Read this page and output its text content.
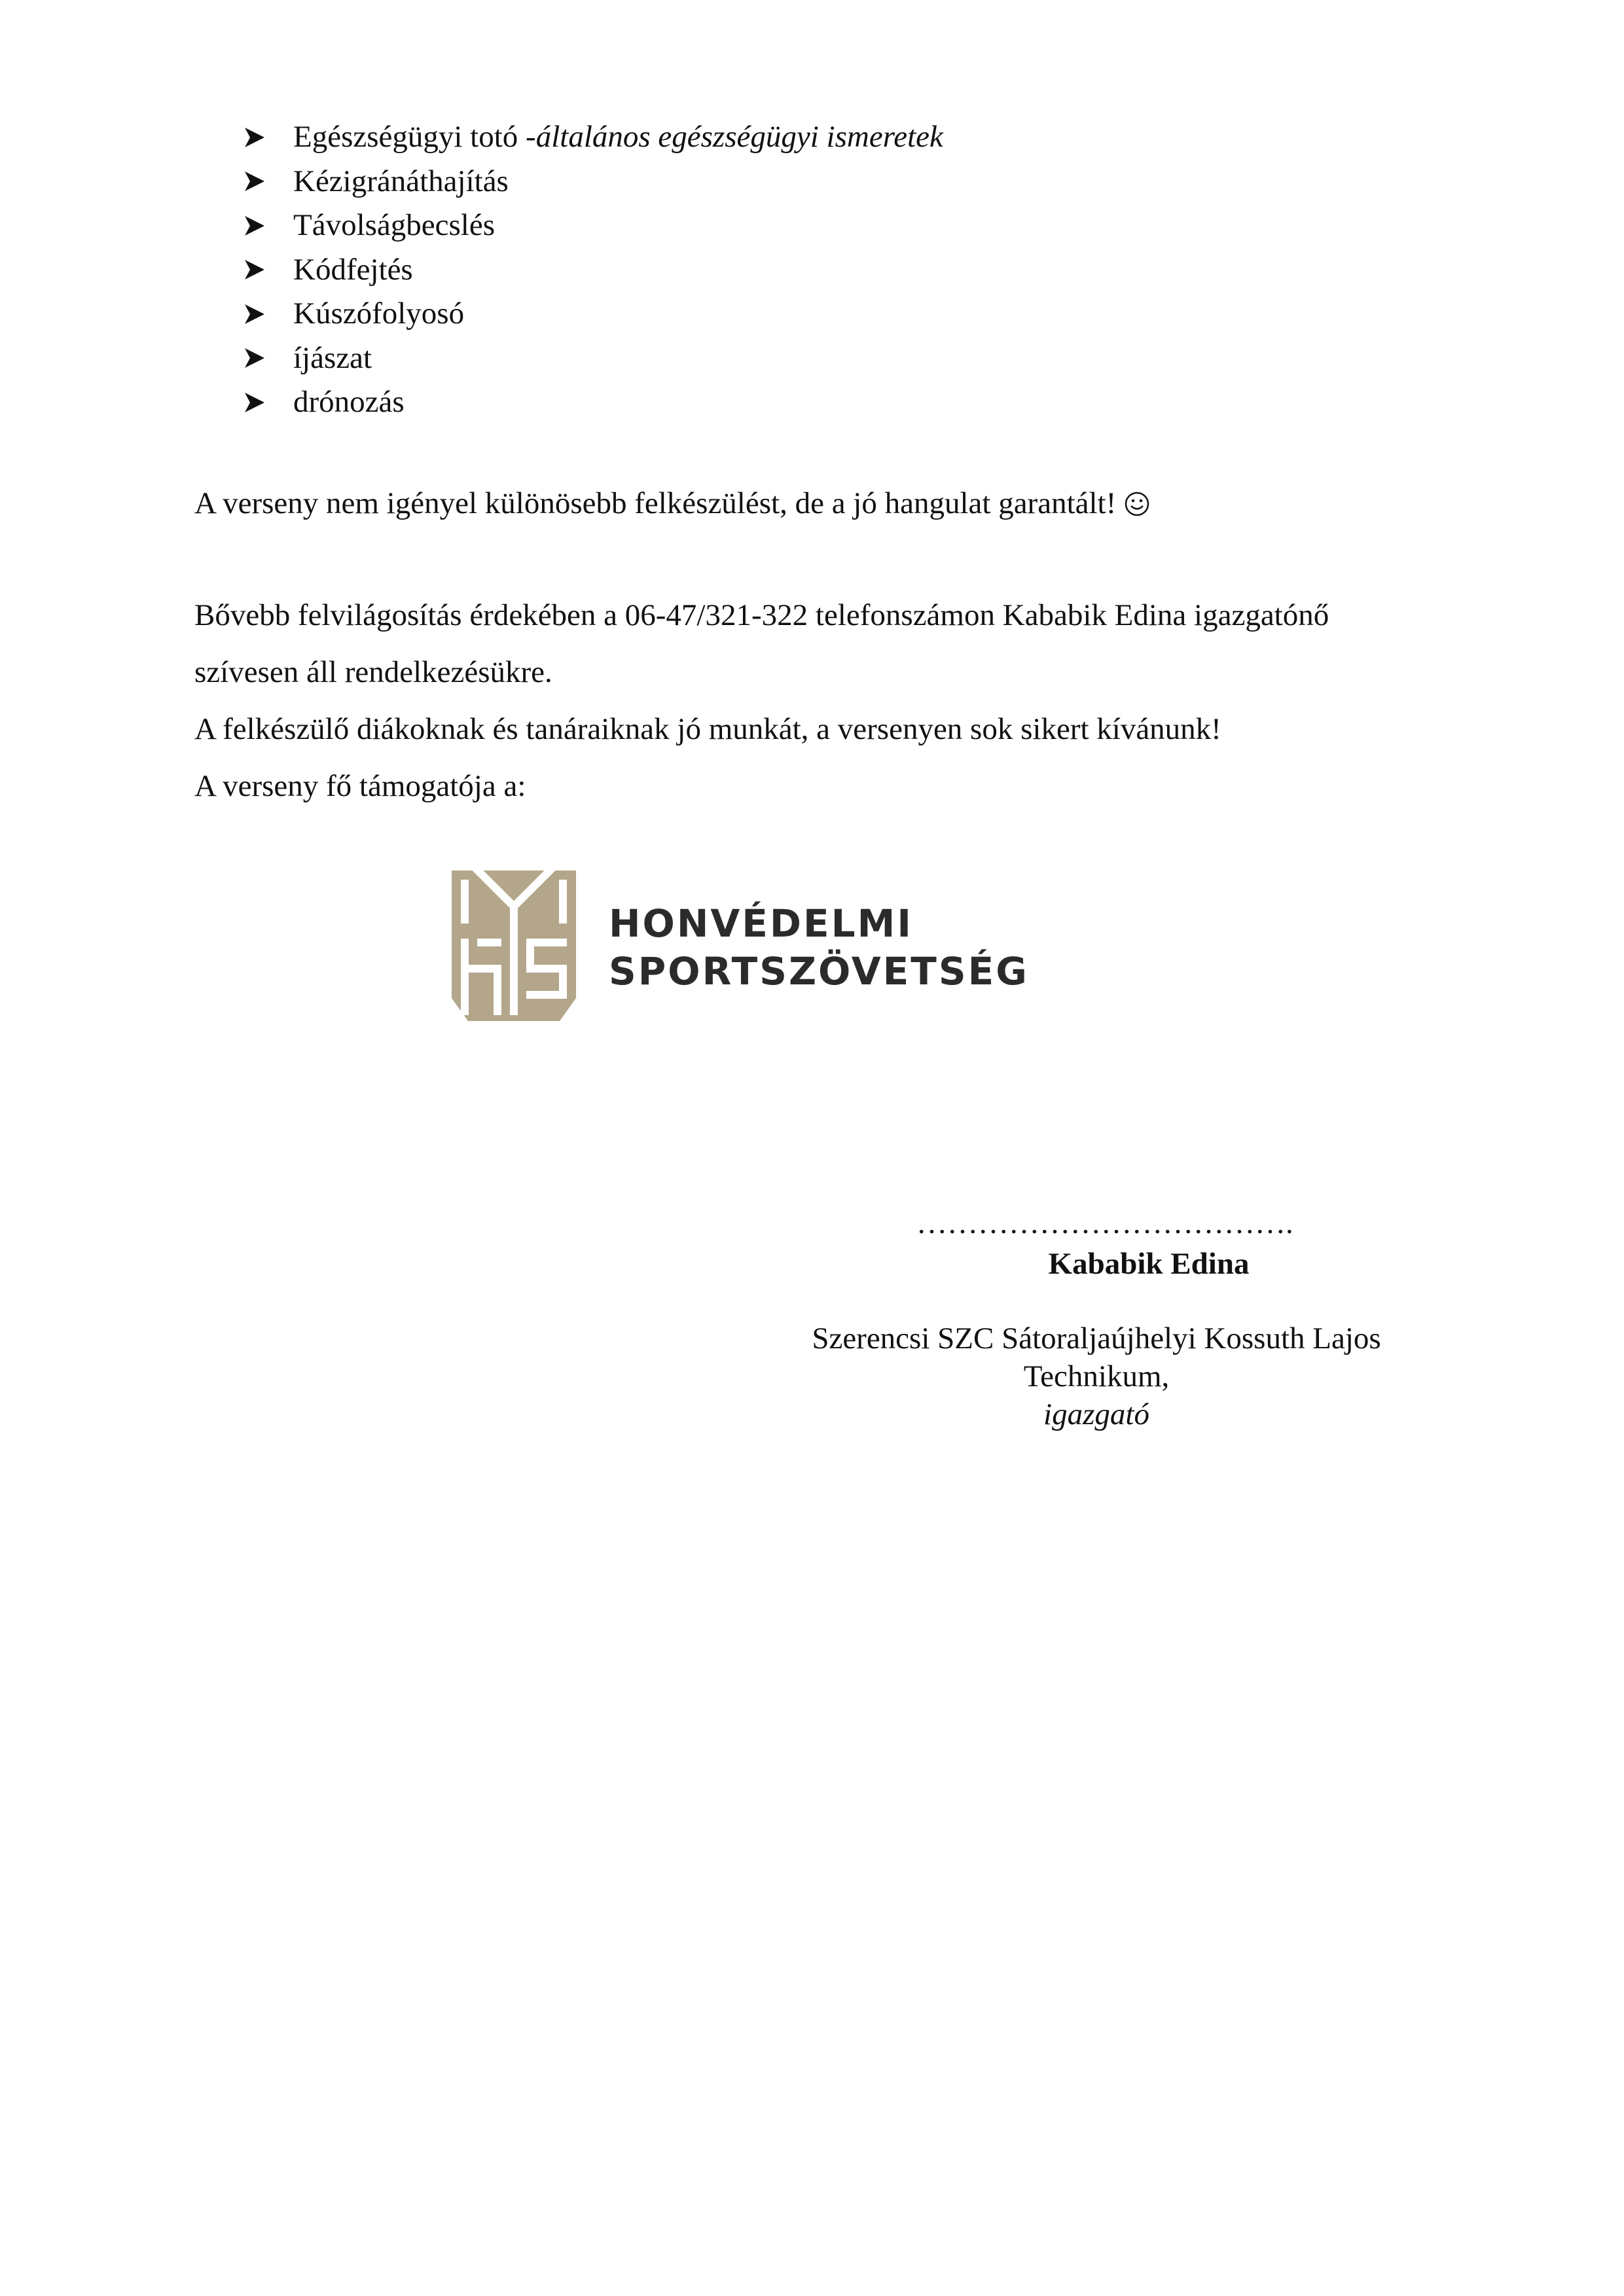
Egészségügyi totó - általános egészségügyi ismeretek
Kézigránáthajítás
Távolságbecslés
Kódfejtés
Kúszófolyosó
íjászat
drónozás

A verseny nem igényel különösebb felkészülést, de a jó hangulat garantált!

Bővebb felvilágosítás érdekében a 06-47/321-322 telefonszámon Kababik Edina igazgatónő

szívesen áll rendelkezésükre.

A felkészülő diákoknak és tanáraiknak jó munkát, a versenyen sok sikert kívánunk!

A verseny fő támogatója a:

HONVÉDELMI
SPORTSZÖVETSÉG
……………………………….
Kababik Edina
Szerencsi SZC Sátoraljaújhelyi Kossuth Lajos
Technikum,
igazgató
